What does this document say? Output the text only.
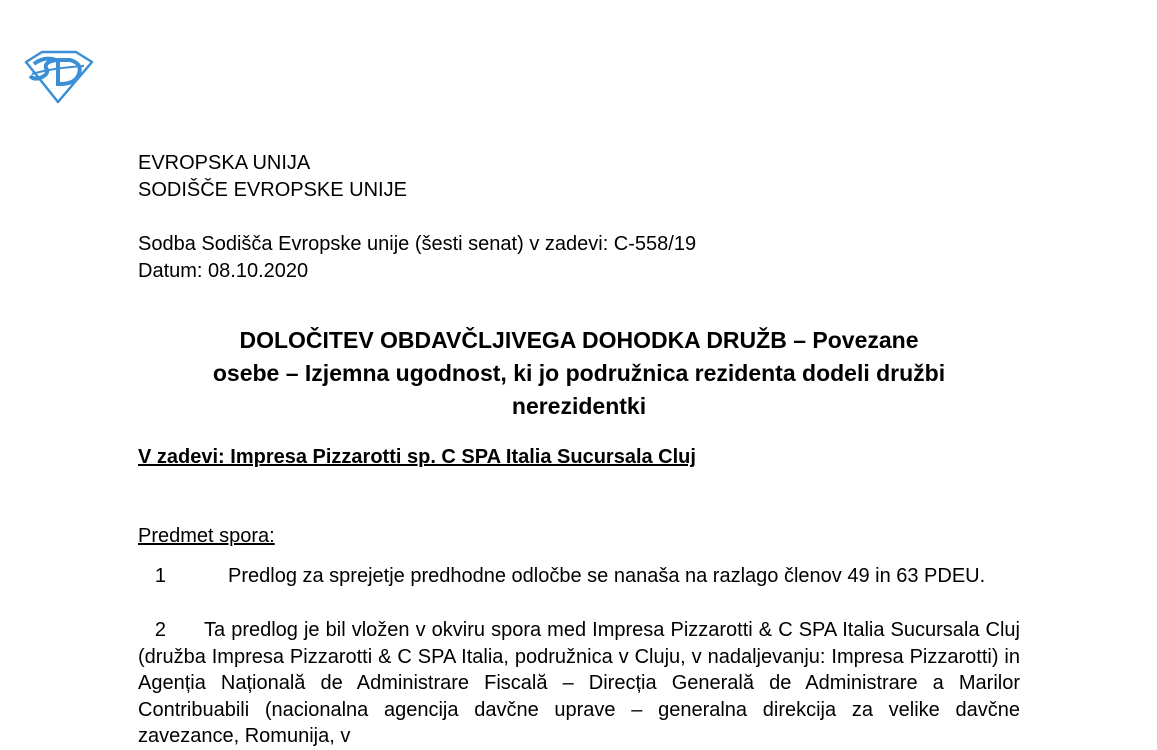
EVROPSKA UNIJA
SODIŠČE EVROPSKE UNIJE
Sodba Sodišča Evropske unije (šesti senat) v zadevi: C-558/19
Datum: 08.10.2020
DOLOČITEV OBDAVČLJIVEGA DOHODKA DRUŽB – Povezane
osebe – Izjemna ugodnost, ki jo podružnica rezidenta dodeli družbi
nerezidentki
V zadevi: Impresa Pizzarotti sp. C SPA Italia Sucursala Cluj
Predmet spora:
1	Predlog za sprejetje predhodne odločbe se nanaša na razlago členov 49 in 63 PDEU.
2 Ta predlog je bil vložen v okviru spora med Impresa Pizzarotti & C SPA Italia Sucursala Cluj (družba Impresa Pizzarotti & C SPA Italia, podružnica v Cluju, v nadaljevanju: Impresa Pizzarotti) in Agenția Națională de Administrare Fiscală – Direcția Generală de Administrare a Marilor Contribuabili (nacionalna agencija davčne uprave – generalna direkcija za velike davčne zavezance, Romunija, v
